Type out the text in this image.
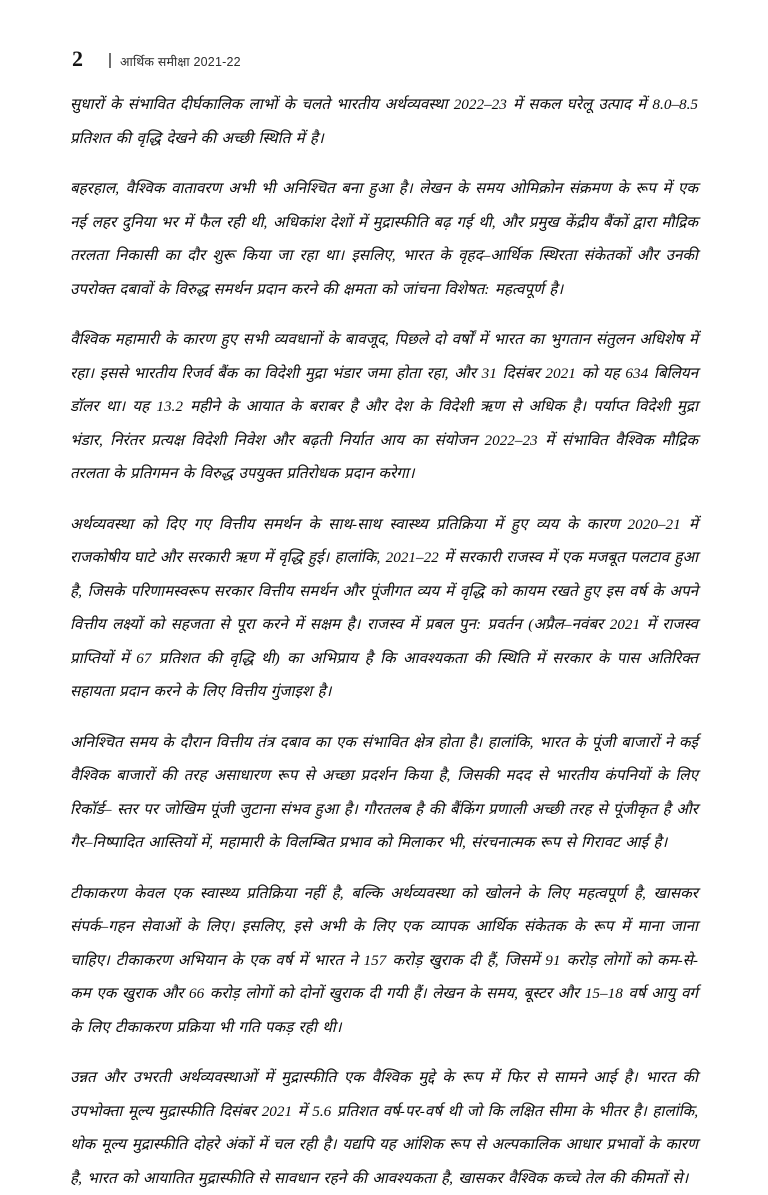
2	आर्थिक समीक्षा 2021-22

सुधारों के संभावित दीर्घकालिक लाभों के चलते भारतीय अर्थव्यवस्था 2022–23 में सकल घरेलू उत्पाद में 8.0–8.5 प्रतिशत की वृद्धि देखने की अच्छी स्थिति में है।

बहरहाल, वैश्विक वातावरण अभी भी अनिश्चित बना हुआ है। लेखन के समय ओमिक्रोन संक्रमण के रूप में एक नई लहर दुनिया भर में फैल रही थी, अधिकांश देशों में मुद्रास्फीति बढ़ गई थी, और प्रमुख केंद्रीय बैंकों द्वारा मौद्रिक तरलता निकासी का दौर शुरू किया जा रहा था। इसलिए, भारत के वृहद–आर्थिक स्थिरता संकेतकों और उनकी उपरोक्त दबावों के विरुद्ध समर्थन प्रदान करने की क्षमता को जांचना विशेषत: महत्वपूर्ण है।

वैश्विक महामारी के कारण हुए सभी व्यवधानों के बावजूद, पिछले दो वर्षों में भारत का भुगतान संतुलन अधिशेष में रहा। इससे भारतीय रिजर्व बैंक का विदेशी मुद्रा भंडार जमा होता रहा, और 31 दिसंबर 2021 को यह 634 बिलियन डॉलर था। यह 13.2 महीने के आयात के बराबर है और देश के विदेशी ऋण से अधिक है। पर्याप्त विदेशी मुद्रा भंडार, निरंतर प्रत्यक्ष विदेशी निवेश और बढ़ती निर्यात आय का संयोजन 2022–23 में संभावित वैश्विक मौद्रिक तरलता के प्रतिगमन के विरुद्ध उपयुक्त प्रतिरोधक प्रदान करेगा।

अर्थव्यवस्था को दिए गए वित्तीय समर्थन के साथ-साथ स्वास्थ्य प्रतिक्रिया में हुए व्यय के कारण 2020–21 में राजकोषीय घाटे और सरकारी ऋण में वृद्धि हुई। हालांकि, 2021–22 में सरकारी राजस्व में एक मजबूत पलटाव हुआ है, जिसके परिणामस्वरूप सरकार वित्तीय समर्थन और पूंजीगत व्यय में वृद्धि को कायम रखते हुए इस वर्ष के अपने वित्तीय लक्ष्यों को सहजता से पूरा करने में सक्षम है। राजस्व में प्रबल पुन: प्रवर्तन (अप्रैल–नवंबर 2021 में राजस्व प्राप्तियों में 67 प्रतिशत की वृद्धि थी) का अभिप्राय है कि आवश्यकता की स्थिति में सरकार के पास अतिरिक्त सहायता प्रदान करने के लिए वित्तीय गुंजाइश है।

अनिश्चित समय के दौरान वित्तीय तंत्र दबाव का एक संभावित क्षेत्र होता है। हालांकि, भारत के पूंजी बाजारों ने कई वैश्विक बाजारों की तरह असाधारण रूप से अच्छा प्रदर्शन किया है, जिसकी मदद से भारतीय कंपनियों के लिए रिकॉर्ड– स्तर पर जोखिम पूंजी जुटाना संभव हुआ है। गौरतलब है की बैंकिंग प्रणाली अच्छी तरह से पूंजीकृत है और गैर–निष्पादित आस्तियों में, महामारी के विलम्बित प्रभाव को मिलाकर भी, संरचनात्मक रूप से गिरावट आई है।

टीकाकरण केवल एक स्वास्थ्य प्रतिक्रिया नहीं है, बल्कि अर्थव्यवस्था को खोलने के लिए महत्वपूर्ण है, खासकर संपर्क–गहन सेवाओं के लिए। इसलिए, इसे अभी के लिए एक व्यापक आर्थिक संकेतक के रूप में माना जाना चाहिए। टीकाकरण अभियान के एक वर्ष में भारत ने 157 करोड़ खुराक दी हैं, जिसमें 91 करोड़ लोगों को कम-से-कम एक खुराक और 66 करोड़ लोगों को दोनों खुराक दी गयी हैं। लेखन के समय, बूस्टर और 15–18 वर्ष आयु वर्ग के लिए टीकाकरण प्रक्रिया भी गति पकड़ रही थी।

उन्नत और उभरती अर्थव्यवस्थाओं में मुद्रास्फीति एक वैश्विक मुद्दे के रूप में फिर से सामने आई है। भारत की उपभोक्ता मूल्य मुद्रास्फीति दिसंबर 2021 में 5.6 प्रतिशत वर्ष-पर-वर्ष थी जो कि लक्षित सीमा के भीतर है। हालांकि, थोक मूल्य मुद्रास्फीति दोहरे अंकों में चल रही है। यद्यपि यह आंशिक रूप से अल्पकालिक आधार प्रभावों के कारण है, भारत को आयातित मुद्रास्फीति से सावधान रहने की आवश्यकता है, खासकर वैश्विक कच्चे तेल की कीमतों से।
